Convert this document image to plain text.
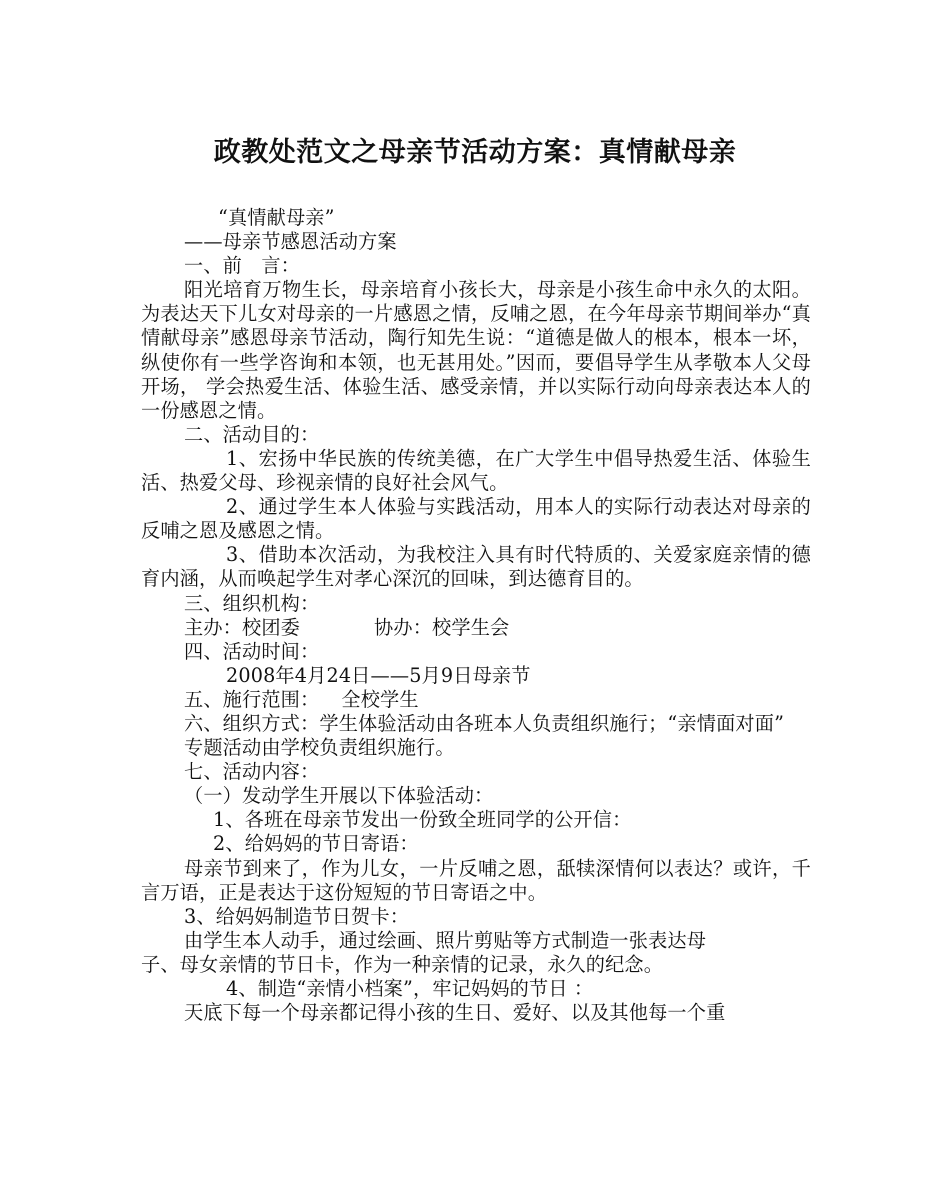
政教处范文之母亲节活动方案：真情献母亲

“真情献母亲”

——母亲节感恩活动方案

一、前　言：

阳光培育万物生长，母亲培育小孩长大，母亲是小孩生命中永久的太阳。为表达天下儿女对母亲的一片感恩之情，反哺之恩，在今年母亲节期间举办“真情献母亲”感恩母亲节活动，陶行知先生说：“道德是做人的根本，根本一坏，纵使你有一些学咨询和本领，也无甚用处。”因而，要倡导学生从孝敬本人父母开场， 学会热爱生活、体验生活、感受亲情，并以实际行动向母亲表达本人的一份感恩之情。

二、活动目的：

1、宏扬中华民族的传统美德，在广大学生中倡导热爱生活、体验生活、热爱父母、珍视亲情的良好社会风气。

2、通过学生本人体验与实践活动，用本人的实际行动表达对母亲的反哺之恩及感恩之情。

3、借助本次活动，为我校注入具有时代特质的、关爱家庭亲情的德育内涵，从而唤起学生对孝心深沉的回味，到达德育目的。

三、组织机构：

主办：校团委	协办：校学生会

四、活动时间：

2008年4月24日——5月9日母亲节

五、施行范围： 全校学生

六、组织方式：学生体验活动由各班本人负责组织施行；“亲情面对面”

专题活动由学校负责组织施行。

七、活动内容：

（一）发动学生开展以下体验活动：

1、各班在母亲节发出一份致全班同学的公开信：

2、给妈妈的节日寄语：

母亲节到来了，作为儿女，一片反哺之恩，舐犊深情何以表达？或许，千言万语，正是表达于这份短短的节日寄语之中。

3、给妈妈制造节日贺卡：

由学生本人动手，通过绘画、照片剪贴等方式制造一张表达母

子、母女亲情的节日卡，作为一种亲情的记录，永久的纪念。

4、制造“亲情小档案”，牢记妈妈的节日 ：

天底下每一个母亲都记得小孩的生日、爱好、以及其他每一个重
